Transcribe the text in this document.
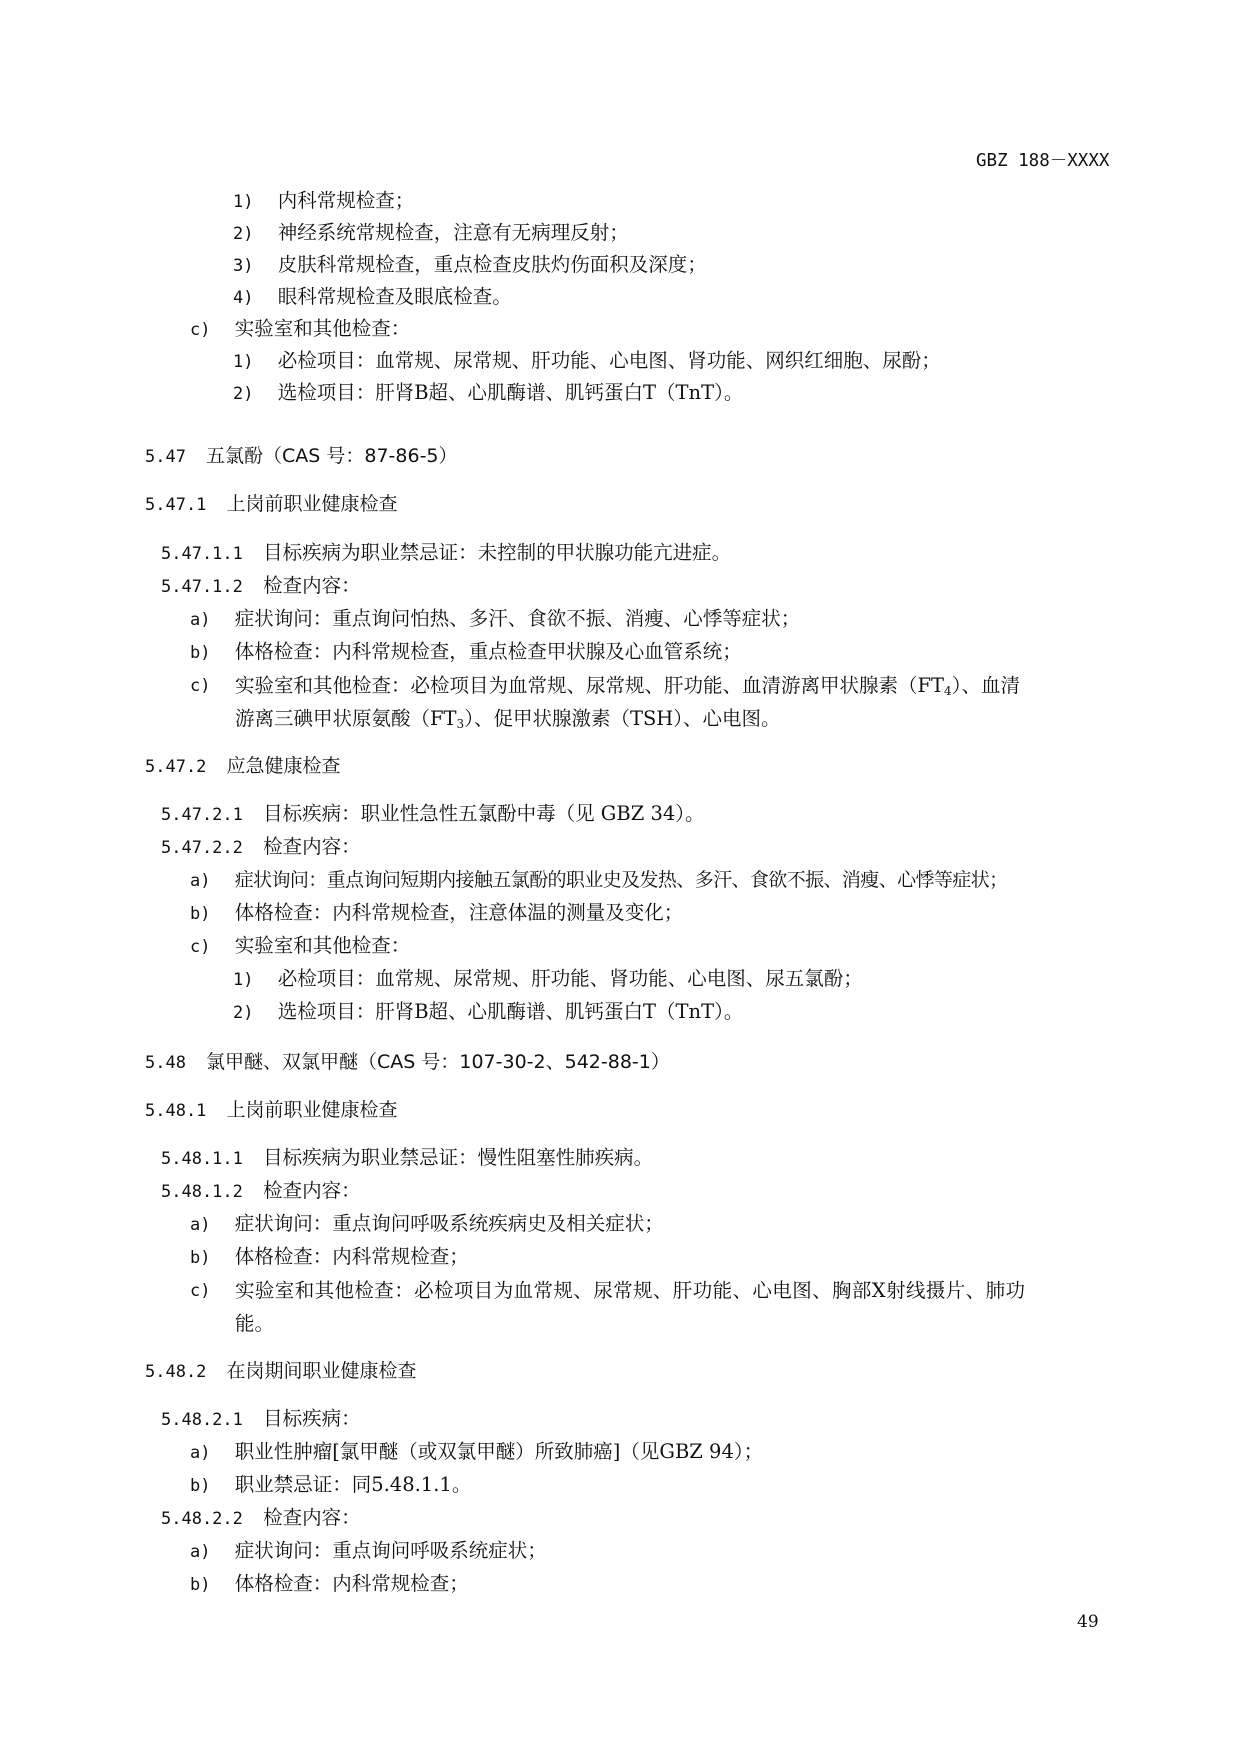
GBZ 188－XXXX
1) 内科常规检查；
2) 神经系统常规检查，注意有无病理反射；
3) 皮肤科常规检查，重点检查皮肤灼伤面积及深度；
4) 眼科常规检查及眼底检查。
c) 实验室和其他检查：
1) 必检项目：血常规、尿常规、肝功能、心电图、肾功能、网织红细胞、尿酚；
2) 选检项目：肝肾B超、心肌酶谱、肌钙蛋白T（TnT）。
5.47 五氯酚（CAS 号：87-86-5）
5.47.1 上岗前职业健康检查
5.47.1.1 目标疾病为职业禁忌证：未控制的甲状腺功能亢进症。
5.47.1.2 检查内容：
a) 症状询问：重点询问怕热、多汗、食欲不振、消瘦、心悸等症状；
b) 体格检查：内科常规检查，重点检查甲状腺及心血管系统；
c) 实验室和其他检查：必检项目为血常规、尿常规、肝功能、血清游离甲状腺素$(FT_4)$、血清
游离三碘甲状原氨酸$(FT_3)$、促甲状腺激素（TSH）、心电图。
5.47.2 应急健康检查
5.47.2.1 目标疾病：职业性急性五氯酚中毒（见 GBZ 34）。
5.47.2.2 检查内容：
a) 症状询问：重点询问短期内接触五氯酚的职业史及发热、多汗、食欲不振、消瘦、心悸等症状；
b) 体格检查：内科常规检查，注意体温的测量及变化；
c) 实验室和其他检查：
1) 必检项目：血常规、尿常规、肝功能、肾功能、心电图、尿五氯酚；
2) 选检项目：肝肾B超、心肌酶谱、肌钙蛋白T（TnT）。
5.48 氯甲醚、双氯甲醚（CAS 号：107-30-2、542-88-1）
5.48.1 上岗前职业健康检查
5.48.1.1 目标疾病为职业禁忌证：慢性阻塞性肺疾病。
5.48.1.2 检查内容：
a) 症状询问：重点询问呼吸系统疾病史及相关症状；
b) 体格检查：内科常规检查；
c) 实验室和其他检查：必检项目为血常规、尿常规、肝功能、心电图、胸部X射线摄片、肺功
能。
5.48.2 在岗期间职业健康检查
5.48.2.1 目标疾病：
a) 职业性肿瘤[氯甲醚（或双氯甲醚）所致肺癌]（见GBZ 94）；
b) 职业禁忌证：同5.48.1.1。
5.48.2.2 检查内容：
a) 症状询问：重点询问呼吸系统症状；
b) 体格检查：内科常规检查；
49
